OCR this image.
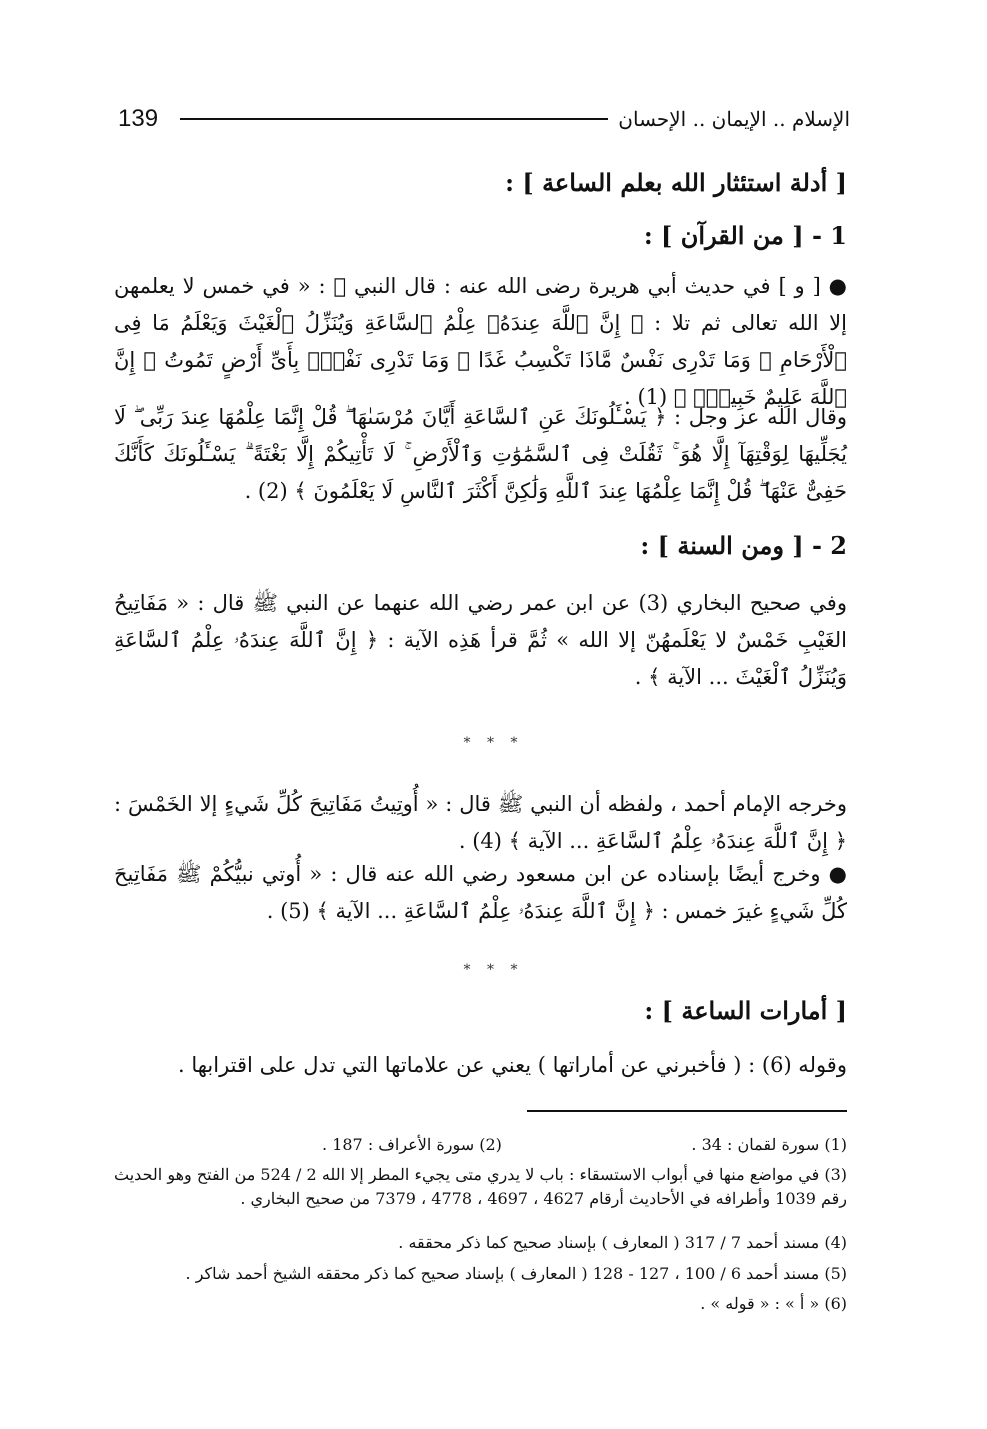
139	الإسلام .. الإيمان .. الإحسان
[ أدلة استئثار الله بعلم الساعة ] :
1 - [ من القرآن ] :
● [ و ] في حديث أبي هريرة رضى الله عنه : قال النبي ﷺ : « في خمس لا يعلمهن إلا الله تعالى ثم تلا : ﴿ إِنَّ ٱللَّهَ عِندَهُۥ عِلْمُ ٱلسَّاعَةِ وَيُنَزِّلُ ٱلْغَيْثَ وَيَعْلَمُ مَا فِى ٱلْأَرْحَامِ ۖ وَمَا تَدْرِى نَفْسٌ مَّاذَا تَكْسِبُ غَدًا ۖ وَمَا تَدْرِى نَفْسٌۢ بِأَىِّ أَرْضٍ تَمُوتُ ۚ إِنَّ ٱللَّهَ عَلِيمٌ خَبِيرٌۢ ﴾ (1) .
وقال الله عز وجل : ﴿ يَسْـَٔلُونَكَ عَنِ ٱلسَّاعَةِ أَيَّانَ مُرْسَىٰهَا ۖ قُلْ إِنَّمَا عِلْمُهَا عِندَ رَبِّى ۖ لَا يُجَلِّيهَا لِوَقْتِهَآ إِلَّا هُوَ ۚ ثَقُلَتْ فِى ٱلسَّمَٰوَٰتِ وَٱلْأَرْضِ ۚ لَا تَأْتِيكُمْ إِلَّا بَغْتَةً ۗ يَسْـَٔلُونَكَ كَأَنَّكَ حَفِىٌّ عَنْهَا ۖ قُلْ إِنَّمَا عِلْمُهَا عِندَ ٱللَّهِ وَلَٰكِنَّ أَكْثَرَ ٱلنَّاسِ لَا يَعْلَمُونَ ﴾ (2) .
2 - [ ومن السنة ] :
وفي صحيح البخاري (3) عن ابن عمر رضي الله عنهما عن النبي ﷺ قال : « مَفَاتِيحُ الغَيْبِ خَمْسٌ لا يَعْلَمهُنّ إلا الله » ثُمَّ قرأ هَذِه الآية : ﴿ إِنَّ ٱللَّهَ عِندَهُۥ عِلْمُ ٱلسَّاعَةِ وَيُنَزِّلُ ٱلْغَيْثَ ... الآية ﴾ .
* * *
وخرجه الإمام أحمد ، ولفظه أن النبي ﷺ قال : « أُوتِيتُ مَفَاتِيحَ كُلِّ شَيءٍ إلا الخَمْسَ : ﴿ إِنَّ ٱللَّهَ عِندَهُۥ عِلْمُ ٱلسَّاعَةِ ... الآية ﴾ (4) .
● وخرج أيضًا بإسناده عن ابن مسعود رضي الله عنه قال : « أُوتي نبيُّكُمْ ﷺ مَفَاتِيحَ كُلِّ شَيءٍ غيرَ خمس : ﴿ إِنَّ ٱللَّهَ عِندَهُۥ عِلْمُ ٱلسَّاعَةِ ... الآية ﴾ (5) .
* * *
[ أمارات الساعة ] :
وقوله (6) : ( فأخبرني عن أماراتها ) يعني عن علاماتها التي تدل على اقترابها .
(1) سورة لقمان : 34 . (2) سورة الأعراف : 187 .
(3) في مواضع منها في أبواب الاستسقاء : باب لا يدري متى يجيء المطر إلا الله 2 / 524 من الفتح وهو الحديث رقم 1039 وأطرافه في الأحاديث أرقام 4627 ، 4697 ، 4778 ، 7379 من صحيح البخاري .
(4) مسند أحمد 7 / 317 ( المعارف ) بإسناد صحيح كما ذكر محققه .
(5) مسند أحمد 6 / 100 ، 127 - 128 ( المعارف ) بإسناد صحيح كما ذكر محققه الشيخ أحمد شاكر .
(6) « أ » : « قوله » .
